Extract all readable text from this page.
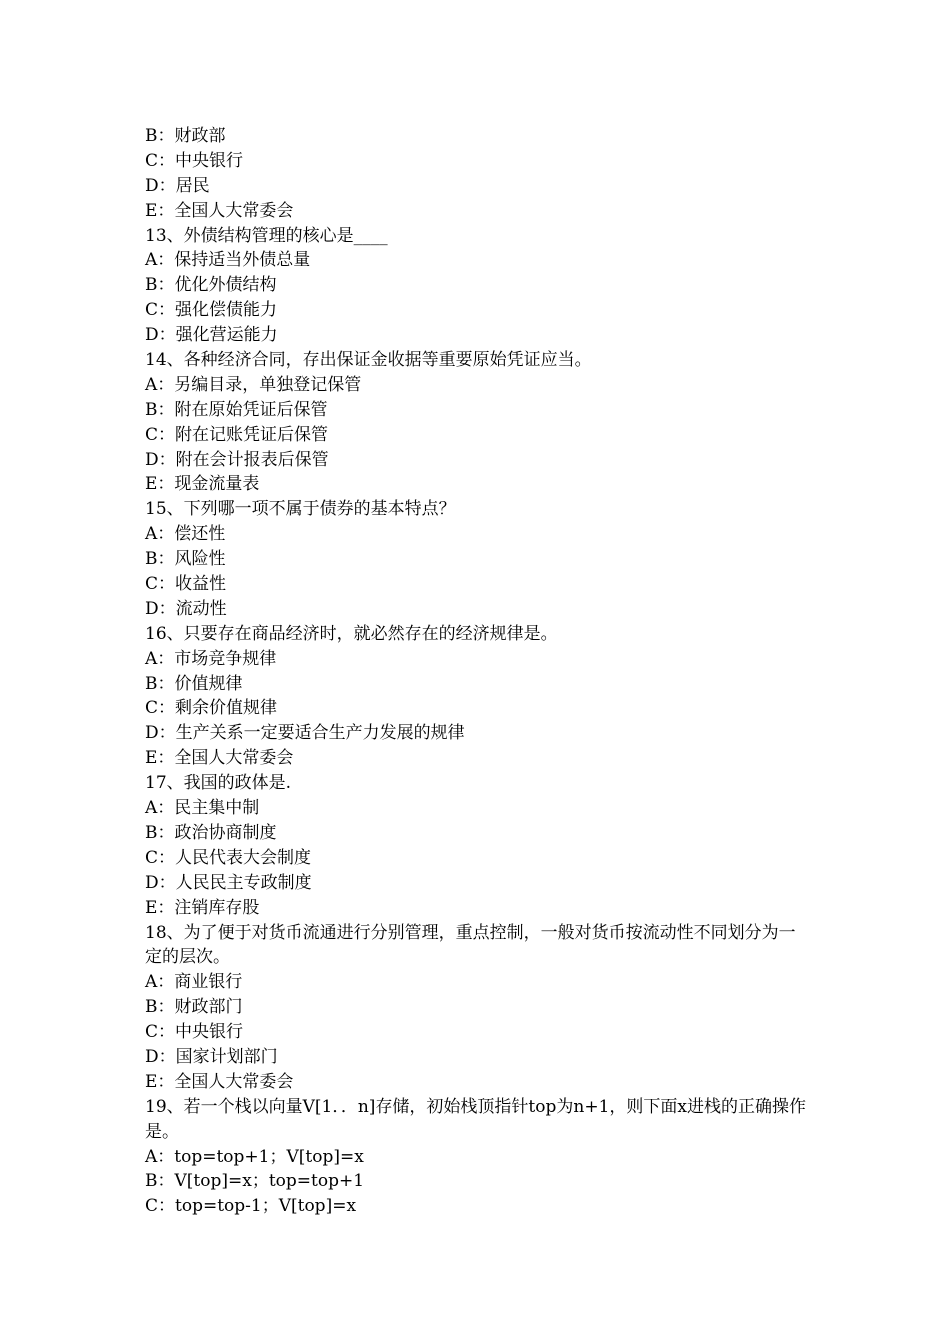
B：财政部
C：中央银行
D：居民
E：全国人大常委会
13、外债结构管理的核心是____
A：保持适当外债总量
B：优化外债结构
C：强化偿债能力
D：强化营运能力
14、各种经济合同，存出保证金收据等重要原始凭证应当。
A：另编目录，单独登记保管
B：附在原始凭证后保管
C：附在记账凭证后保管
D：附在会计报表后保管
E：现金流量表
15、下列哪一项不属于债券的基本特点？
A：偿还性
B：风险性
C：收益性
D：流动性
16、只要存在商品经济时，就必然存在的经济规律是。
A：市场竞争规律
B：价值规律
C：剩余价值规律
D：生产关系一定要适合生产力发展的规律
E：全国人大常委会
17、我国的政体是.
A：民主集中制
B：政治协商制度
C：人民代表大会制度
D：人民民主专政制度
E：注销库存股
18、为了便于对货币流通进行分别管理，重点控制，一般对货币按流动性不同划分为一定的层次。
A：商业银行
B：财政部门
C：中央银行
D：国家计划部门
E：全国人大常委会
19、若一个栈以向量V[1．．n]存储，初始栈顶指针top为n+1，则下面x进栈的正确操作是。
A：top=top+1；V[top]=x
B：V[top]=x；top=top+1
C：top=top-1；V[top]=x
